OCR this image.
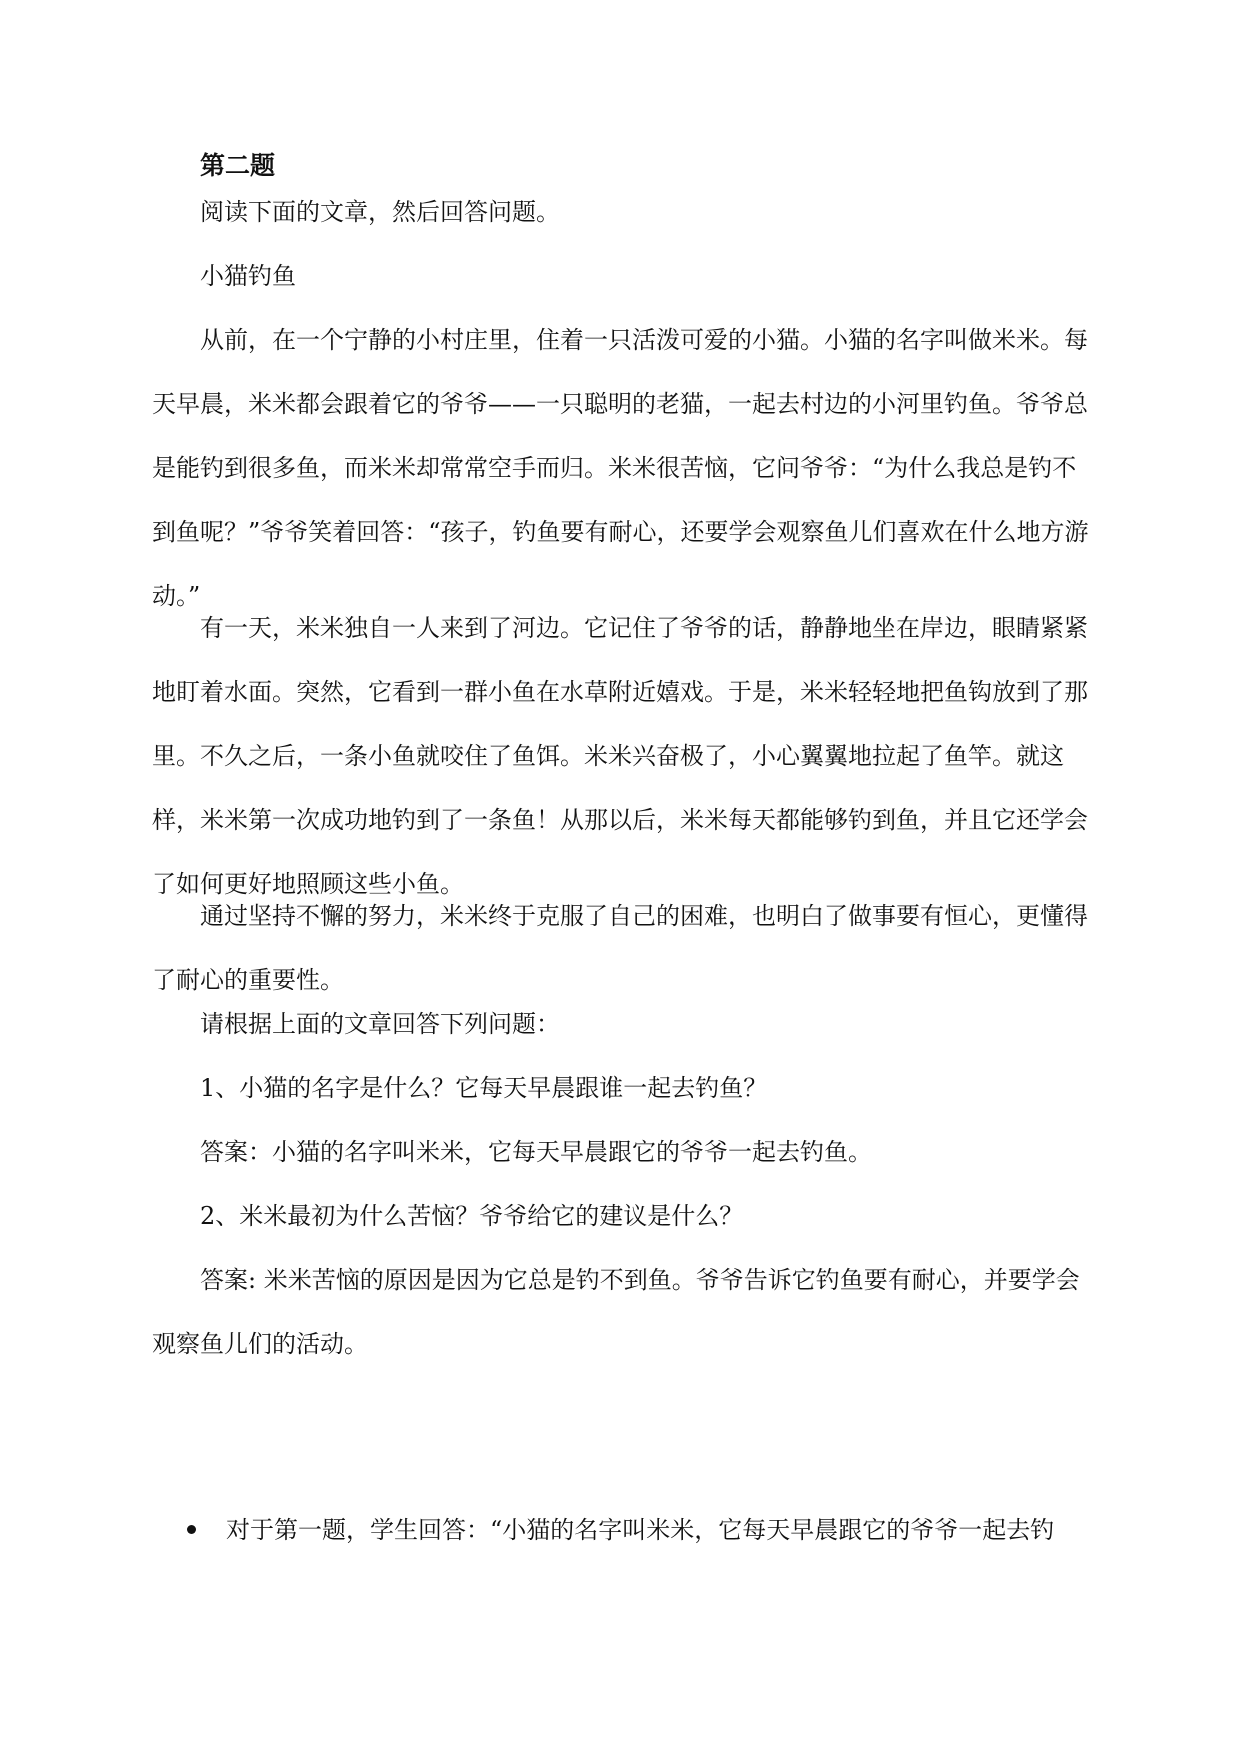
第二题

阅读下面的文章，然后回答问题。

小猫钓鱼

从前，在一个宁静的小村庄里，住着一只活泼可爱的小猫。小猫的名字叫做米米。每天早晨，米米都会跟着它的爷爷——一只聪明的老猫，一起去村边的小河里钓鱼。爷爷总是能钓到很多鱼，而米米却常常空手而归。米米很苦恼，它问爷爷：“为什么我总是钓不到鱼呢？”爷爷笑着回答：“孩子，钓鱼要有耐心，还要学会观察鱼儿们喜欢在什么地方游动。”

有一天，米米独自一人来到了河边。它记住了爷爷的话，静静地坐在岸边，眼睛紧紧地盯着水面。突然，它看到一群小鱼在水草附近嬉戏。于是，米米轻轻地把鱼钩放到了那里。不久之后，一条小鱼就咬住了鱼饵。米米兴奋极了，小心翼翼地拉起了鱼竿。就这样，米米第一次成功地钓到了一条鱼！从那以后，米米每天都能够钓到鱼，并且它还学会了如何更好地照顾这些小鱼。

通过坚持不懈的努力，米米终于克服了自己的困难，也明白了做事要有恒心，更懂得了耐心的重要性。

请根据上面的文章回答下列问题：

1、小猫的名字是什么？它每天早晨跟谁一起去钓鱼？

答案：小猫的名字叫米米，它每天早晨跟它的爷爷一起去钓鱼。

2、米米最初为什么苦恼？爷爷给它的建议是什么？

答案: 米米苦恼的原因是因为它总是钓不到鱼。爷爷告诉它钓鱼要有耐心，并要学会观察鱼儿们的活动。

对于第一题，学生回答：“小猫的名字叫米米，它每天早晨跟它的爷爷一起去钓
